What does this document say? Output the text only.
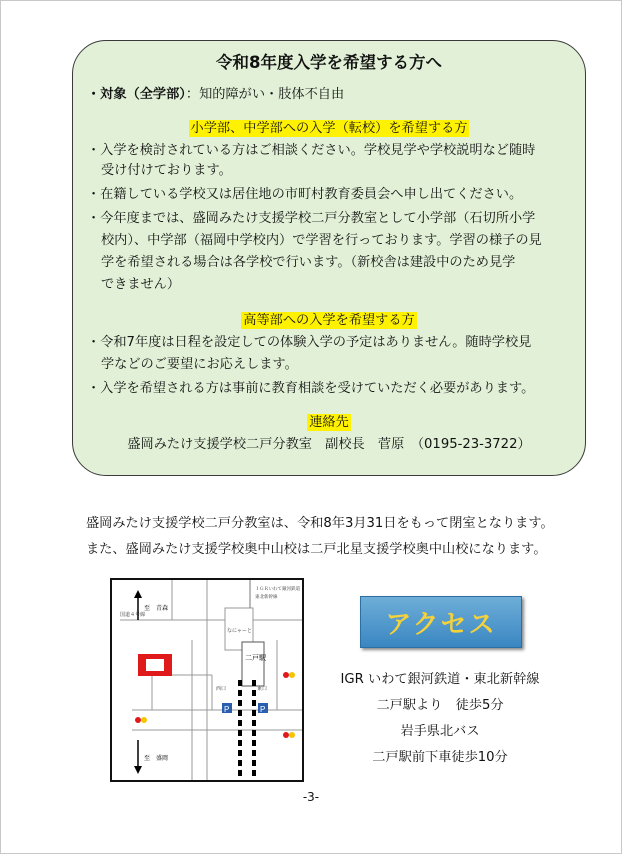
令和8年度入学を希望する方へ
・対象（全学部）：知的障がい・肢体不自由
小学部、中学部への入学（転校）を希望する方
・入学を検討されている方はご相談ください。学校見学や学校説明など随時
受け付けております。
・在籍している学校又は居住地の市町村教育委員会へ申し出てください。
・今年度までは、盛岡みたけ支援学校二戸分教室として小学部（石切所小学
校内）、中学部（福岡中学校内）で学習を行っております。学習の様子の見
学を希望される場合は各学校で行います。（新校舎は建設中のため見学
できません）
高等部への入学を希望する方
・令和7年度は日程を設定しての体験入学の予定はありません。随時学校見
学などのご要望にお応えします。
・入学を希望される方は事前に教育相談を受けていただく必要があります。
連絡先
盛岡みたけ支援学校二戸分教室　副校長　菅原　（0195-23-3722）
盛岡みたけ支援学校二戸分教室は、令和8年3月31日をもって閉室となります。
また、盛岡みたけ支援学校奥中山校は二戸北星支援学校奥中山校になります。
P	P
至　青森
至　盛岡
国道４号線
二戸駅
ＩＧＲいわて銀河鉄道
東北新幹線
なにゃーと
西口	東口
アクセス
IGR いわて銀河鉄道・東北新幹線
二戸駅より　徒歩5分
岩手県北バス
二戸駅前下車徒歩10分
-3-
